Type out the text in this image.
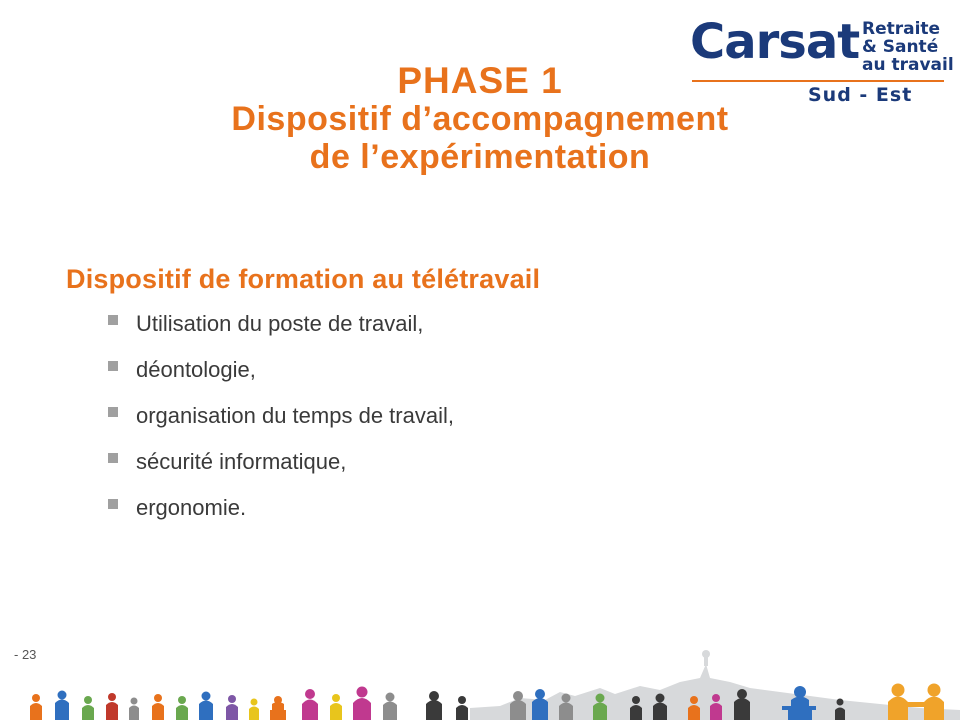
Carsat Retraite
& Santé
au travail
Sud - Est
PHASE 1
Dispositif d’accompagnement
de l’expérimentation
Dispositif de formation au télétravail
Utilisation du poste de travail,
déontologie,
organisation du temps de travail,
sécurité informatique,
ergonomie.
- 23
